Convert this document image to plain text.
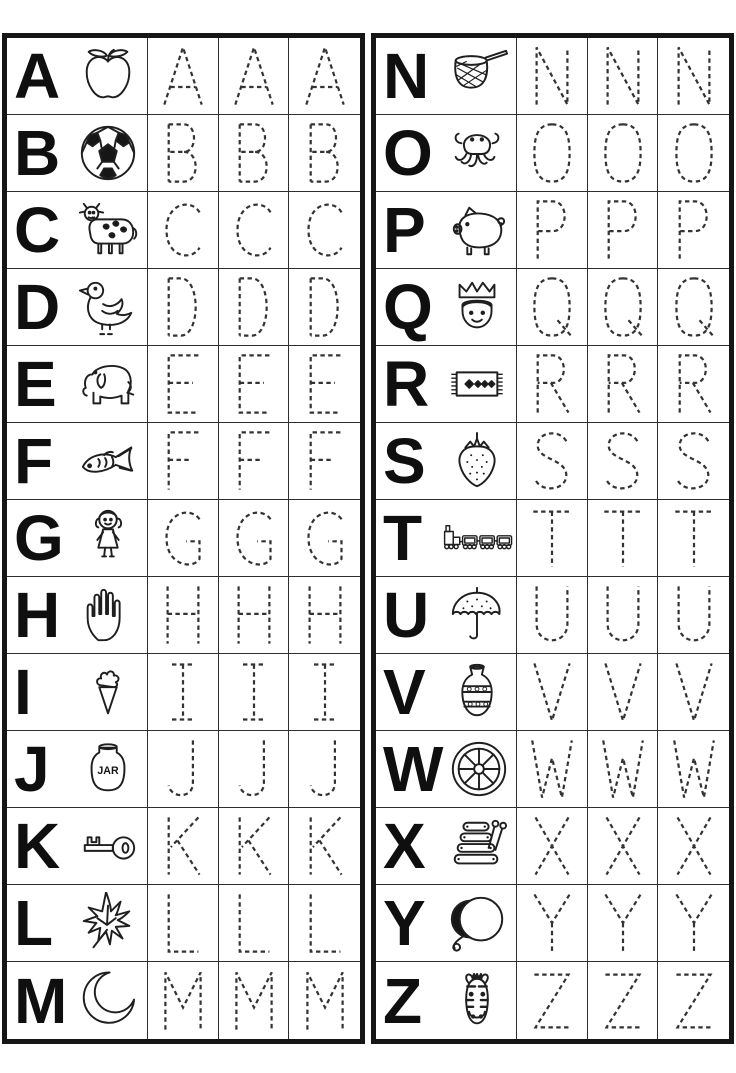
A
B
C
D
E
F
G
H
I
J
K
L
M
N
O
P
Q
R
S
T
U
V
W
X
Y
Z
